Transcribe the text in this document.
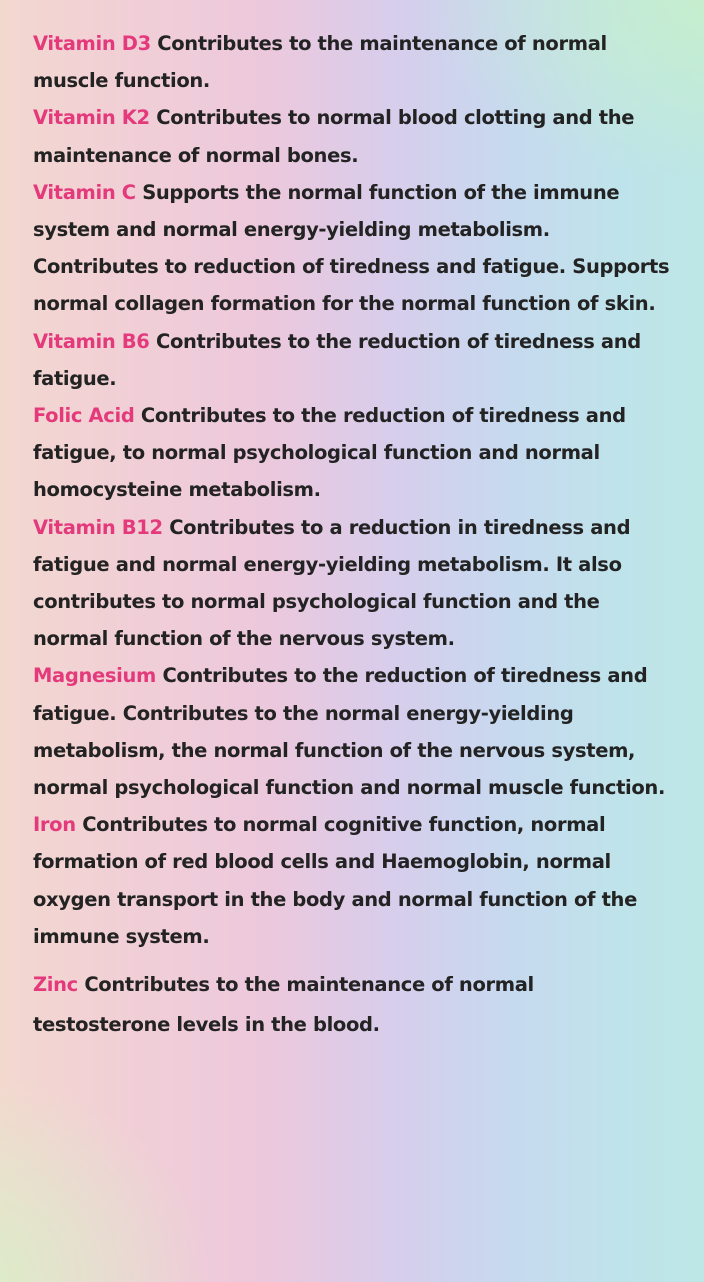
Vitamin D3 Contributes to the maintenance of normal muscle function.

Vitamin K2 Contributes to normal blood clotting and the maintenance of normal bones.

Vitamin C Supports the normal function of the immune system and normal energy-yielding metabolism. Contributes to reduction of tiredness and fatigue. Supports normal collagen formation for the normal function of skin.

Vitamin B6 Contributes to the reduction of tiredness and fatigue.

Folic Acid Contributes to the reduction of tiredness and fatigue, to normal psychological function and normal homocysteine metabolism.

Vitamin B12 Contributes to a reduction in tiredness and fatigue and normal energy-yielding metabolism. It also contributes to normal psychological function and the normal function of the nervous system.

Magnesium Contributes to the reduction of tiredness and fatigue. Contributes to the normal energy-yielding metabolism, the normal function of the nervous system, normal psychological function and normal muscle function.

Iron Contributes to normal cognitive function, normal formation of red blood cells and Haemoglobin, normal oxygen transport in the body and normal function of the immune system.

Zinc Contributes to the maintenance of normal testosterone levels in the blood.
